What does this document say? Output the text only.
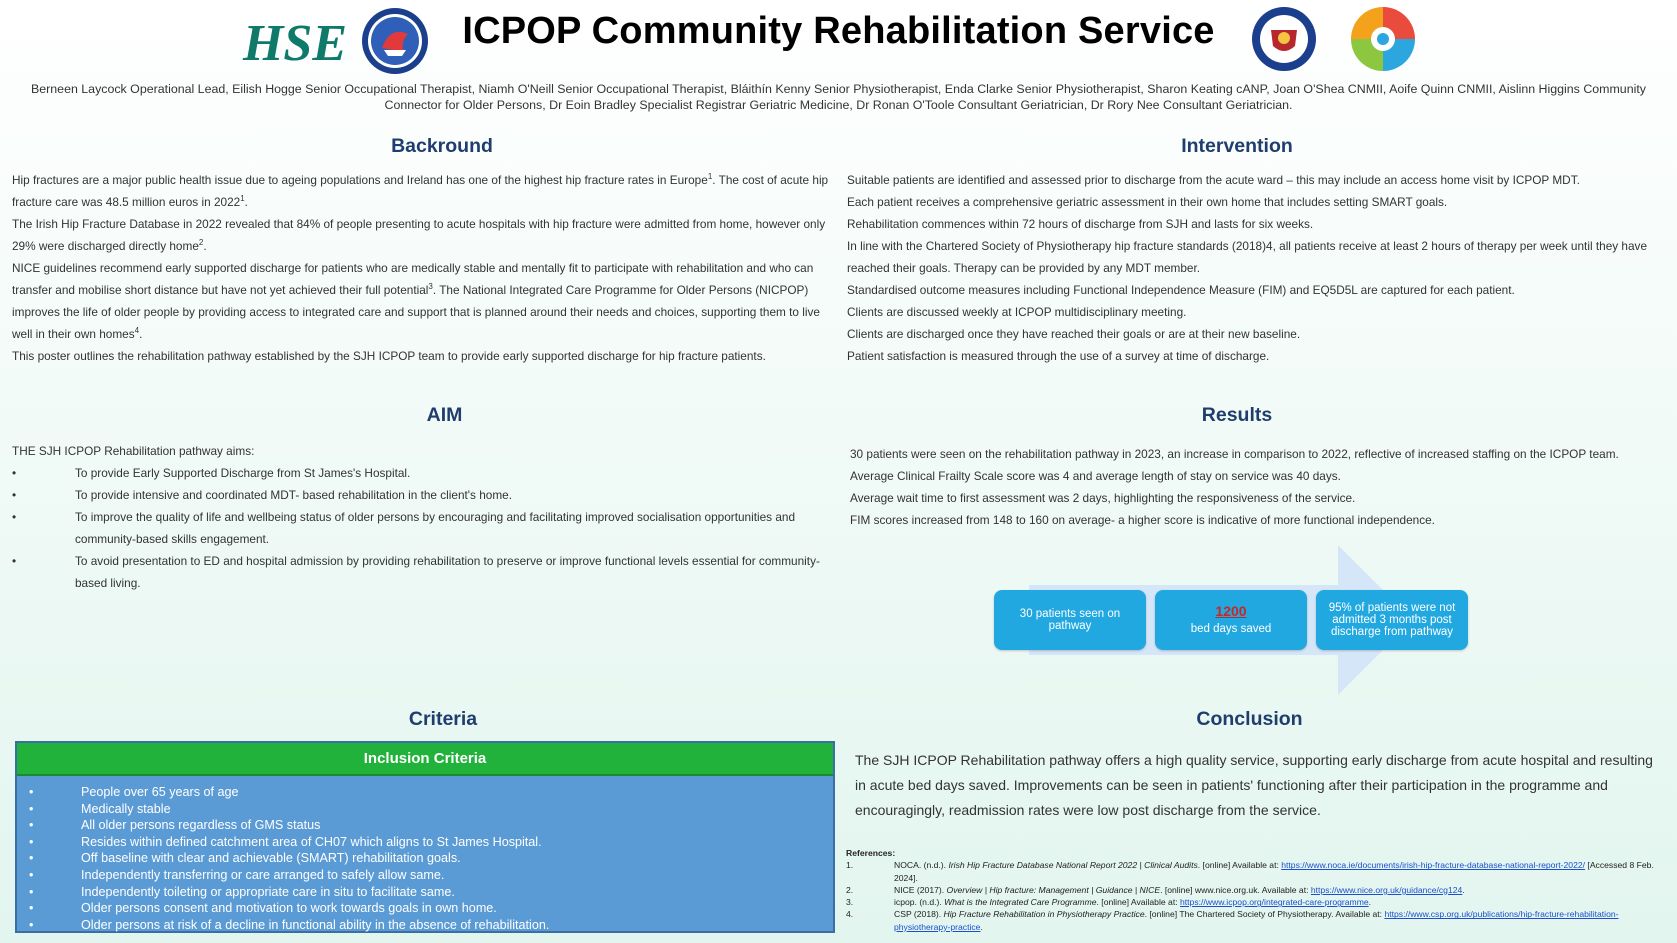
HSE	ICPOP Community Rehabilitation Service
Berneen Laycock Operational Lead, Eilish Hogge Senior Occupational Therapist, Niamh O'Neill Senior Occupational Therapist, Bláithín Kenny Senior Physiotherapist, Enda Clarke Senior Physiotherapist, Sharon Keating cANP, Joan O'Shea CNMII, Aoife Quinn CNMII, Aislinn Higgins Community Connector for Older Persons, Dr Eoin Bradley Specialist Registrar Geriatric Medicine, Dr Ronan O'Toole Consultant Geriatrician, Dr Rory Nee Consultant Geriatrician.
Backround

Hip fractures are a major public health issue due to ageing populations and Ireland has one of the highest hip fracture rates in Europe$^1$. The cost of acute hip fracture care was 48.5 million euros in 2022$^1$.

The Irish Hip Fracture Database in 2022 revealed that 84% of people presenting to acute hospitals with hip fracture were admitted from home, however only 29% were discharged directly home$^2$.

NICE guidelines recommend early supported discharge for patients who are medically stable and mentally fit to participate with rehabilitation and who can transfer and mobilise short distance but have not yet achieved their full potential$^3$. The National Integrated Care Programme for Older Persons (NICPOP) improves the life of older people by providing access to integrated care and support that is planned around their needs and choices, supporting them to live well in their own homes$^4$.

This poster outlines the rehabilitation pathway established by the SJH ICPOP team to provide early supported discharge for hip fracture patients.

Intervention

Suitable patients are identified and assessed prior to discharge from the acute ward – this may include an access home visit by ICPOP MDT.

Each patient receives a comprehensive geriatric assessment in their own home that includes setting SMART goals.

Rehabilitation commences within 72 hours of discharge from SJH and lasts for six weeks.

In line with the Chartered Society of Physiotherapy hip fracture standards (2018)4, all patients receive at least 2 hours of therapy per week until they have reached their goals. Therapy can be provided by any MDT member.

Standardised outcome measures including Functional Independence Measure (FIM) and EQ5D5L are captured for each patient.

Clients are discussed weekly at ICPOP multidisciplinary meeting.

Clients are discharged once they have reached their goals or are at their new baseline.

Patient satisfaction is measured through the use of a survey at time of discharge.

AIM

THE SJH ICPOP Rehabilitation pathway aims:

•	To provide Early Supported Discharge from St James's Hospital.
•	To provide intensive and coordinated MDT- based rehabilitation in the client's home.
•	To improve the quality of life and wellbeing status of older persons by encouraging and facilitating improved socialisation opportunities and community-based skills engagement.
•	To avoid presentation to ED and hospital admission by providing rehabilitation to preserve or improve functional levels essential for community-based living.
Results

30 patients were seen on the rehabilitation pathway in 2023, an increase in comparison to 2022, reflective of increased staffing on the ICPOP team.

Average Clinical Frailty Scale score was 4 and average length of stay on service was 40 days.

Average wait time to first assessment was 2 days, highlighting the responsiveness of the service.

FIM scores increased from 148 to 160 on average- a higher score is indicative of more functional independence.

30 patients seen on pathway
1200
bed days saved
95% of patients were not admitted 3 months post discharge from pathway
Criteria
Inclusion Criteria
•	People over 65 years of age
•	Medically stable
•	All older persons regardless of GMS status
•	Resides within defined catchment area of CH07 which aligns to St James Hospital.
•	Off baseline with clear and achievable (SMART) rehabilitation goals.
•	Independently transferring or care arranged to safely allow same.
•	Independently toileting or appropriate care in situ to facilitate same.
•	Older persons consent and motivation to work towards goals in own home.
•	Older persons at risk of a decline in functional ability in the absence of rehabilitation.
Conclusion
The SJH ICPOP Rehabilitation pathway offers a high quality service, supporting early discharge from acute hospital and resulting in acute bed days saved. Improvements can be seen in patients' functioning after their participation in the programme and encouragingly, readmission rates were low post discharge from the service.
References:
1.	NOCA. (n.d.). Irish Hip Fracture Database National Report 2022 | Clinical Audits. [online] Available at: https://www.noca.ie/documents/irish-hip-fracture-database-national-report-2022/ [Accessed 8 Feb. 2024].
2.	NICE (2017). Overview | Hip fracture: Management | Guidance | NICE. [online] www.nice.org.uk. Available at: https://www.nice.org.uk/guidance/cg124.
3.	icpop. (n.d.). What is the Integrated Care Programme. [online] Available at: https://www.icpop.org/integrated-care-programme.
4.	CSP (2018). Hip Fracture Rehabilitation in Physiotherapy Practice. [online] The Chartered Society of Physiotherapy. Available at: https://www.csp.org.uk/publications/hip-fracture-rehabilitation-physiotherapy-practice.
